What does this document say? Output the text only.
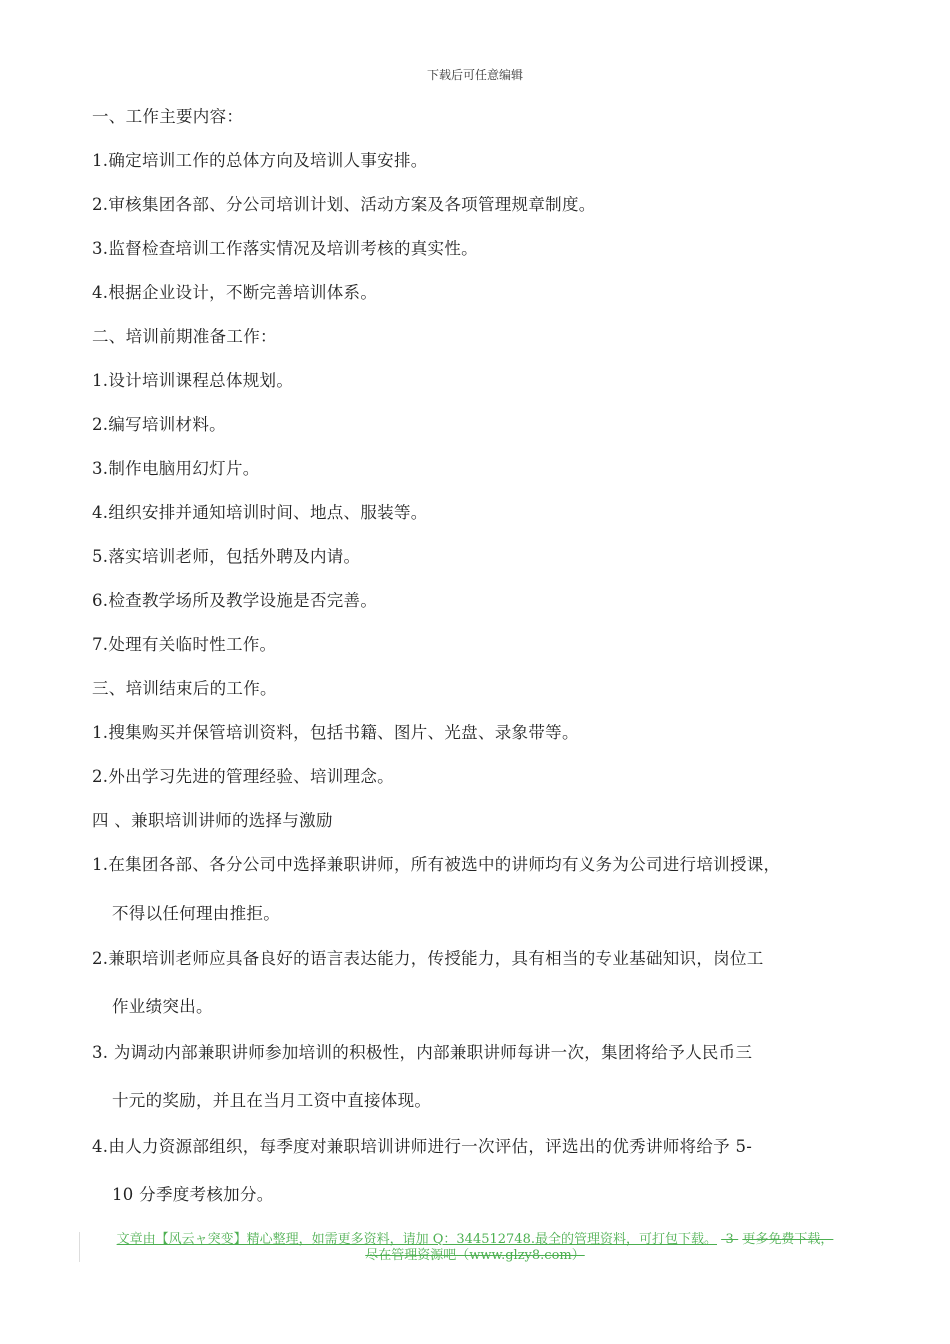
下载后可任意编辑
一、工作主要内容：
1.确定培训工作的总体方向及培训人事安排。
2.审核集团各部、分公司培训计划、活动方案及各项管理规章制度。
3.监督检查培训工作落实情况及培训考核的真实性。
4.根据企业设计，不断完善培训体系。
二、培训前期准备工作：
1.设计培训课程总体规划。
2.编写培训材料。
3.制作电脑用幻灯片。
4.组织安排并通知培训时间、地点、服装等。
5.落实培训老师，包括外聘及内请。
6.检查教学场所及教学设施是否完善。
7.处理有关临时性工作。
三、培训结束后的工作。
1.搜集购买并保管培训资料，包括书籍、图片、光盘、录象带等。
2.外出学习先进的管理经验、培训理念。
四 、兼职培训讲师的选择与激励
1.在集团各部、各分公司中选择兼职讲师，所有被选中的讲师均有义务为公司进行培训授课，
不得以任何理由推拒。
2.兼职培训老师应具备良好的语言表达能力，传授能力，具有相当的专业基础知识，岗位工
作业绩突出。
3. 为调动内部兼职讲师参加培训的积极性，内部兼职讲师每讲一次，集团将给予人民币三
十元的奖励，并且在当月工资中直接体现。
4.由人力资源部组织，每季度对兼职培训讲师进行一次评估，评选出的优秀讲师将给予 5-
10 分季度考核加分。
文章由【风云ャ突变】精心整理，如需更多资料，请加 Q：344512748.最全的管理资料，可打包下载。 -3- 更多免费下载，
尽在管理资源吧（www.glzy8.com）
